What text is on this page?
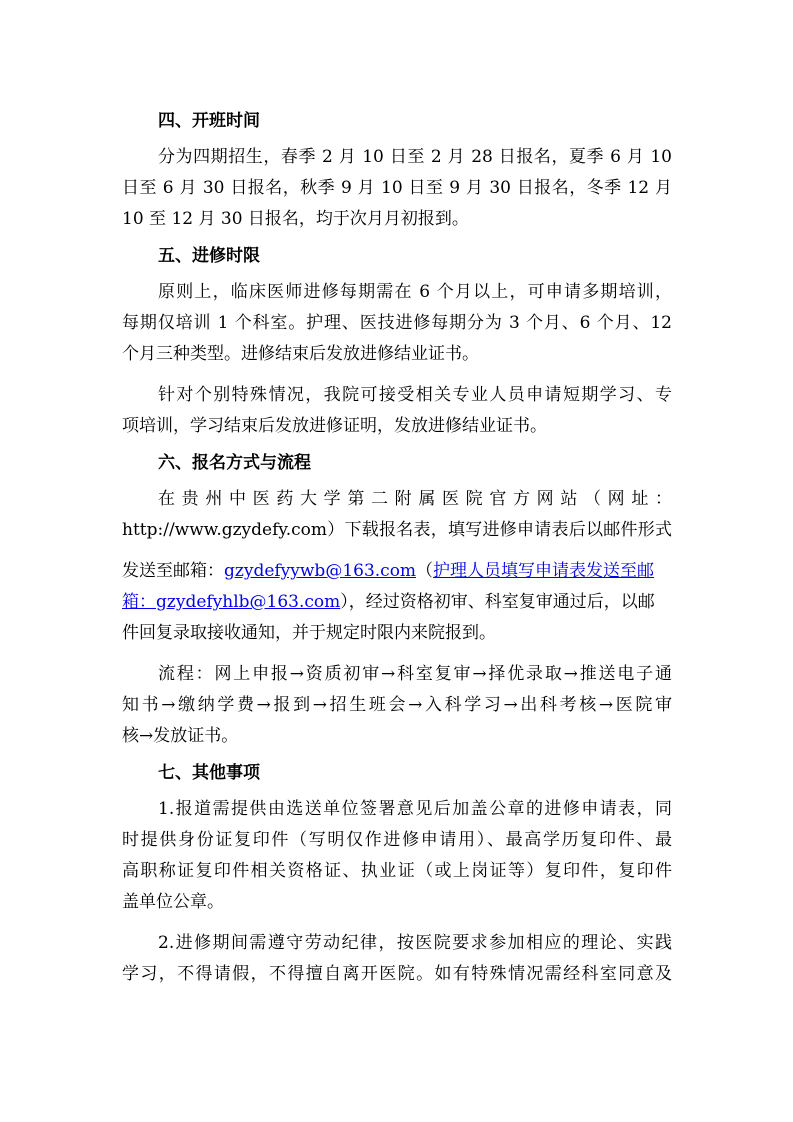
四、开班时间
分为四期招生，春季 2 月 10 日至 2 月 28 日报名，夏季 6 月 10
日至 6 月 30 日报名，秋季 9 月 10 日至 9 月 30 日报名，冬季 12 月
10 至 12 月 30 日报名，均于次月月初报到。
五、进修时限
原则上，临床医师进修每期需在 6 个月以上，可申请多期培训，
每期仅培训 1 个科室。护理、医技进修每期分为 3 个月、6 个月、12
个月三种类型。进修结束后发放进修结业证书。
针对个别特殊情况，我院可接受相关专业人员申请短期学习、专
项培训，学习结束后发放进修证明，发放进修结业证书。
六、报名方式与流程
在贵州中医药大学第二附属医院官方网站（网址：
http://www.gzydefy.com）下载报名表，填写进修申请表后以邮件形式
发送至邮箱：gzydefyywb@163.com（护理人员填写申请表发送至邮
箱：gzydefyhlb@163.com），经过资格初审、科室复审通过后，以邮
件回复录取接收通知，并于规定时限内来院报到。
流程：网上申报→资质初审→科室复审→择优录取→推送电子通
知书→缴纳学费→报到→招生班会→入科学习→出科考核→医院审
核→发放证书。
七、其他事项
1.报道需提供由选送单位签署意见后加盖公章的进修申请表，同
时提供身份证复印件（写明仅作进修申请用）、最高学历复印件、最
高职称证复印件相关资格证、执业证（或上岗证等）复印件，复印件
盖单位公章。
2.进修期间需遵守劳动纪律，按医院要求参加相应的理论、实践
学习，不得请假，不得擅自离开医院。如有特殊情况需经科室同意及
